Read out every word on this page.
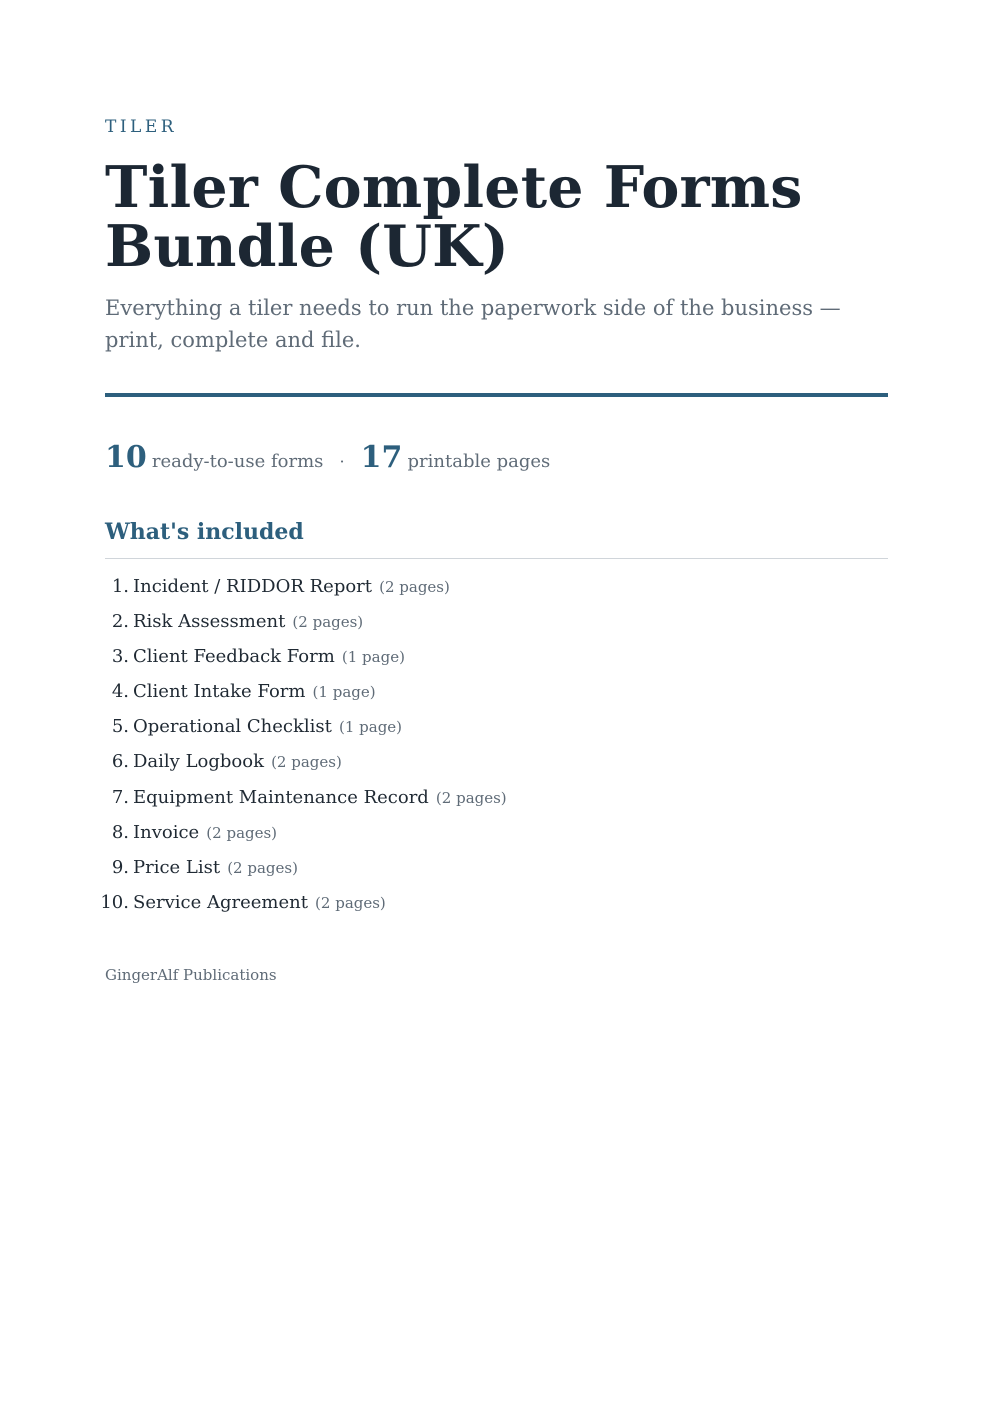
TILER
Tiler Complete Forms Bundle (UK)

Everything a tiler needs to run the paperwork side of the business — print, complete and file.

10 ready-to-use forms · 17 printable pages
What's included
1. Incident / RIDDOR Report (2 pages)
2. Risk Assessment (2 pages)
3. Client Feedback Form (1 page)
4. Client Intake Form (1 page)
5. Operational Checklist (1 page)
6. Daily Logbook (2 pages)
7. Equipment Maintenance Record (2 pages)
8. Invoice (2 pages)
9. Price List (2 pages)
10. Service Agreement (2 pages)
GingerAlf Publications
